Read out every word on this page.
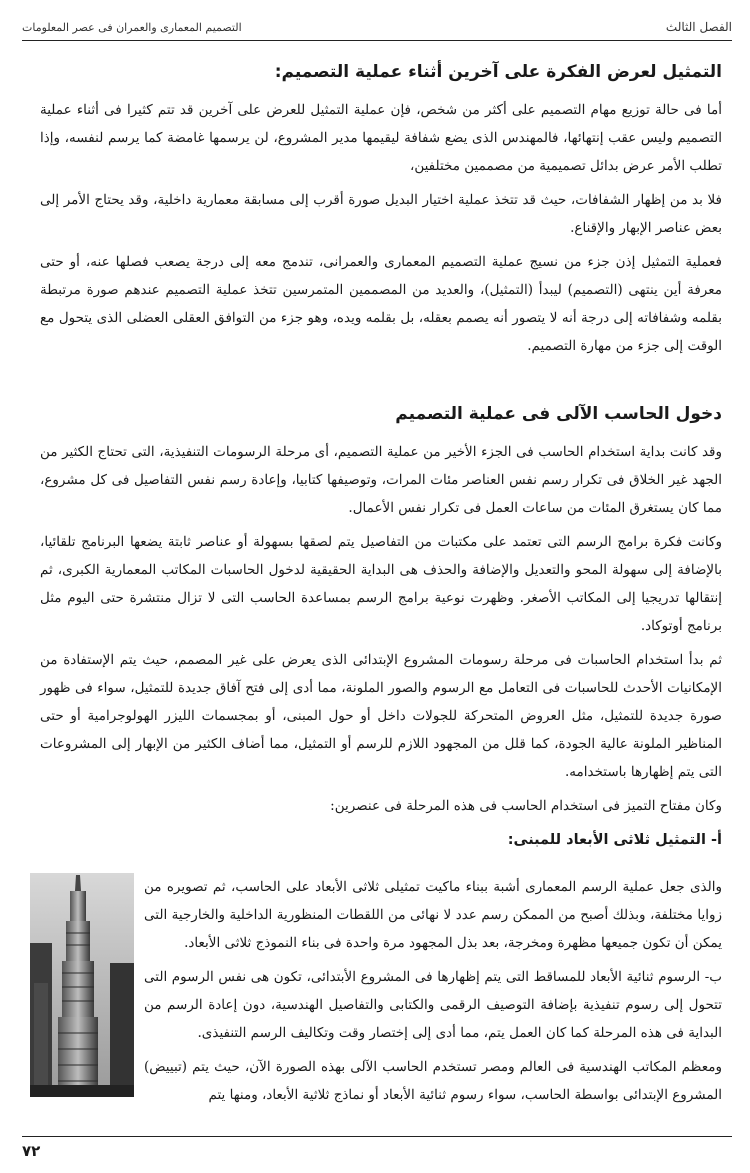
الفصل الثالث
التصميم المعمارى والعمران فى عصر المعلومات
التمثيل لعرض الفكرة على آخرين أثناء عملية التصميم:

أما فى حالة توزيع مهام التصميم على أكثر من شخص، فإن عملية التمثيل للعرض على آخرين قد تتم كثيرا فى أثناء عملية التصميم وليس عقب إنتهائها، فالمهندس الذى يضع شفافة ليقيمها مدير المشروع، لن يرسمها غامضة كما يرسم لنفسه، وإذا تطلب الأمر عرض بدائل تصميمية من مصممين مختلفين،

فلا بد من إظهار الشفافات، حيث قد تتخذ عملية اختيار البديل صورة أقرب إلى مسابقة معمارية داخلية، وقد يحتاج الأمر إلى بعض عناصر الإبهار والإقناع.

فعملية التمثيل إذن جزء من نسيج عملية التصميم المعمارى والعمرانى، تندمج معه إلى درجة يصعب فصلها عنه، أو حتى معرفة أين ينتهى (التصميم) ليبدأ (التمثيل)، والعديد من المصممين المتمرسين تتخذ عملية التصميم عندهم صورة مرتبطة بقلمه وشفافاته إلى درجة أنه لا يتصور أنه يصمم بعقله، بل بقلمه ويده، وهو جزء من التوافق العقلى العضلى الذى يتحول مع الوقت إلى جزء من مهارة التصميم.

دخول الحاسب الآلى فى عملية التصميم

وقد كانت بداية استخدام الحاسب فى الجزء الأخير من عملية التصميم، أى مرحلة الرسومات التنفيذية، التى تحتاج الكثير من الجهد غير الخلاق فى تكرار رسم نفس العناصر مئات المرات، وتوصيفها كتابيا، وإعادة رسم نفس التفاصيل فى كل مشروع، مما كان يستغرق المئات من ساعات العمل فى تكرار نفس الأعمال.

وكانت فكرة برامج الرسم التى تعتمد على مكتبات من التفاصيل يتم لصقها بسهولة أو عناصر ثابتة يضعها البرنامج تلقائيا، بالإضافة إلى سهولة المحو والتعديل والإضافة والحذف هى البداية الحقيقية لدخول الحاسبات المكاتب المعمارية الكبرى، ثم إنتقالها تدريجيا إلى المكاتب الأصغر. وظهرت نوعية برامج الرسم بمساعدة الحاسب التى لا تزال منتشرة حتى اليوم مثل برنامج أوتوكاد.

ثم بدأ استخدام الحاسبات فى مرحلة رسومات المشروع الإبتدائى الذى يعرض على غير المصمم، حيث يتم الإستفادة من الإمكانيات الأحدث للحاسبات فى التعامل مع الرسوم والصور الملونة، مما أدى إلى فتح آفاق جديدة للتمثيل، سواء فى ظهور صورة جديدة للتمثيل، مثل العروض المتحركة للجولات داخل أو حول المبنى، أو بمجسمات الليزر الهولوجرامية أو حتى المناظير الملونة عالية الجودة، كما قلل من المجهود اللازم للرسم أو التمثيل، مما أضاف الكثير من الإبهار إلى المشروعات التى يتم إظهارها باستخدامه.

وكان مفتاح التميز فى استخدام الحاسب فى هذه المرحلة فى عنصرين:

أ- التمثيل ثلاثى الأبعاد للمبنى:

والذى جعل عملية الرسم المعمارى أشبة ببناء ماكيت تمثيلى ثلاثى الأبعاد على الحاسب، ثم تصويره من زوايا مختلفة، وبذلك أصبح من الممكن رسم عدد لا نهائى من اللقطات المنظورية الداخلية والخارجية التى يمكن أن تكون جميعها مظهرة ومخرجة، بعد بذل المجهود مرة واحدة فى بناء النموذج ثلاثى الأبعاد.

ب- الرسوم ثنائية الأبعاد للمساقط التى يتم إظهارها فى المشروع الأبتدائى، تكون هى نفس الرسوم التى تتحول إلى رسوم تنفيذية بإضافة التوصيف الرقمى والكتابى والتفاصيل الهندسية، دون إعادة الرسم من البداية فى هذه المرحلة كما كان العمل يتم، مما أدى إلى إختصار وقت وتكاليف الرسم التنفيذى.

ومعظم المكاتب الهندسية فى العالم ومصر تستخدم الحاسب الآلى بهذه الصورة الآن، حيث يتم (تبييض) المشروع الإبتدائى بواسطة الحاسب، سواء رسوم ثنائية الأبعاد أو نماذج ثلاثية الأبعاد، ومنها يتم

٧٢
